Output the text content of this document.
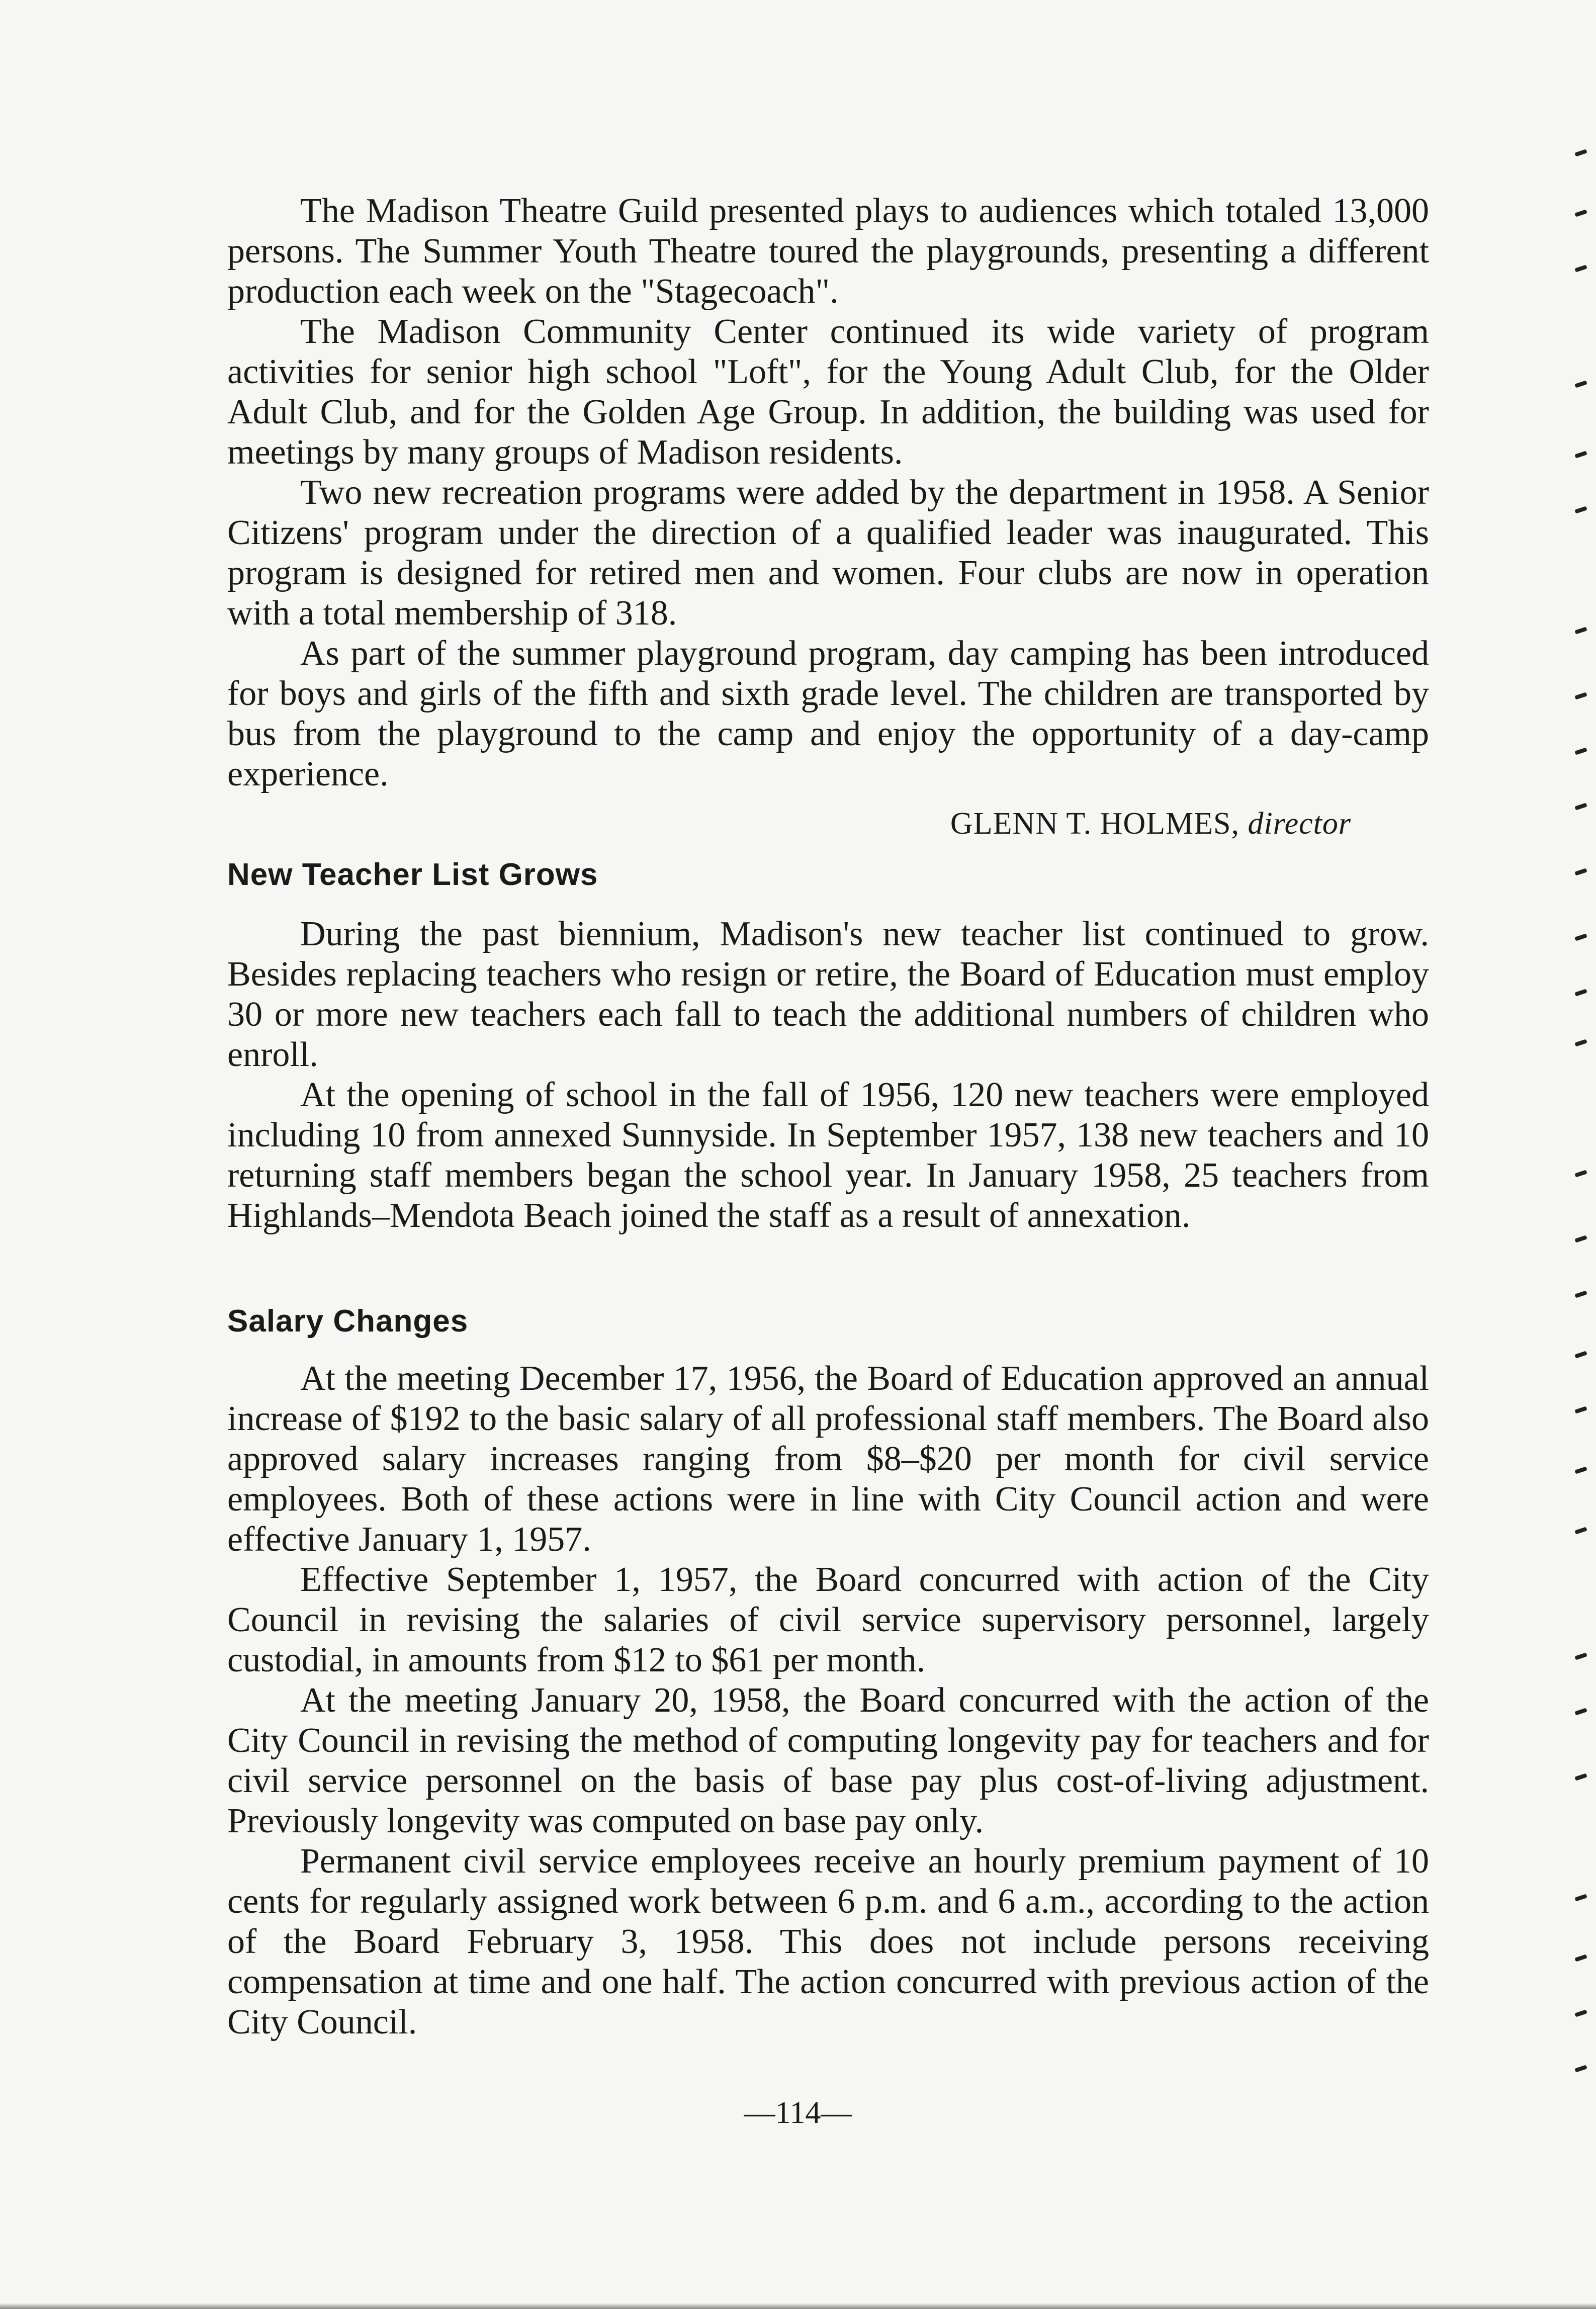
The Madison Theatre Guild presented plays to audiences which totaled 13,000 persons. The Summer Youth Theatre toured the playgrounds, presenting a different production each week on the "Stagecoach".

The Madison Community Center continued its wide variety of program activities for senior high school "Loft", for the Young Adult Club, for the Older Adult Club, and for the Golden Age Group. In addition, the building was used for meetings by many groups of Madison residents.

Two new recreation programs were added by the department in 1958. A Senior Citizens' program under the direction of a qualified leader was inaugurated. This program is designed for retired men and women. Four clubs are now in operation with a total membership of 318.

As part of the summer playground program, day camping has been introduced for boys and girls of the fifth and sixth grade level. The children are transported by bus from the playground to the camp and enjoy the opportunity of a day-camp experience.

GLENN T. HOLMES, director
New Teacher List Grows

During the past biennium, Madison's new teacher list continued to grow. Besides replacing teachers who resign or retire, the Board of Education must employ 30 or more new teachers each fall to teach the additional numbers of children who enroll.

At the opening of school in the fall of 1956, 120 new teachers were employed including 10 from annexed Sunnyside. In September 1957, 138 new teachers and 10 returning staff members began the school year. In January 1958, 25 teachers from Highlands–Mendota Beach joined the staff as a result of annexation.

Salary Changes

At the meeting December 17, 1956, the Board of Education approved an annual increase of $192 to the basic salary of all professional staff members. The Board also approved salary increases ranging from $8–$20 per month for civil service employees. Both of these actions were in line with City Council action and were effective January 1, 1957.

Effective September 1, 1957, the Board concurred with action of the City Council in revising the salaries of civil service supervisory personnel, largely custodial, in amounts from $12 to $61 per month.

At the meeting January 20, 1958, the Board concurred with the action of the City Council in revising the method of computing longevity pay for teachers and for civil service personnel on the basis of base pay plus cost-of-living adjustment. Previously longevity was computed on base pay only.

Permanent civil service employees receive an hourly premium payment of 10 cents for regularly assigned work between 6 p.m. and 6 a.m., according to the action of the Board February 3, 1958. This does not include persons receiving compensation at time and one half. The action concurred with previous action of the City Council.

—114—
